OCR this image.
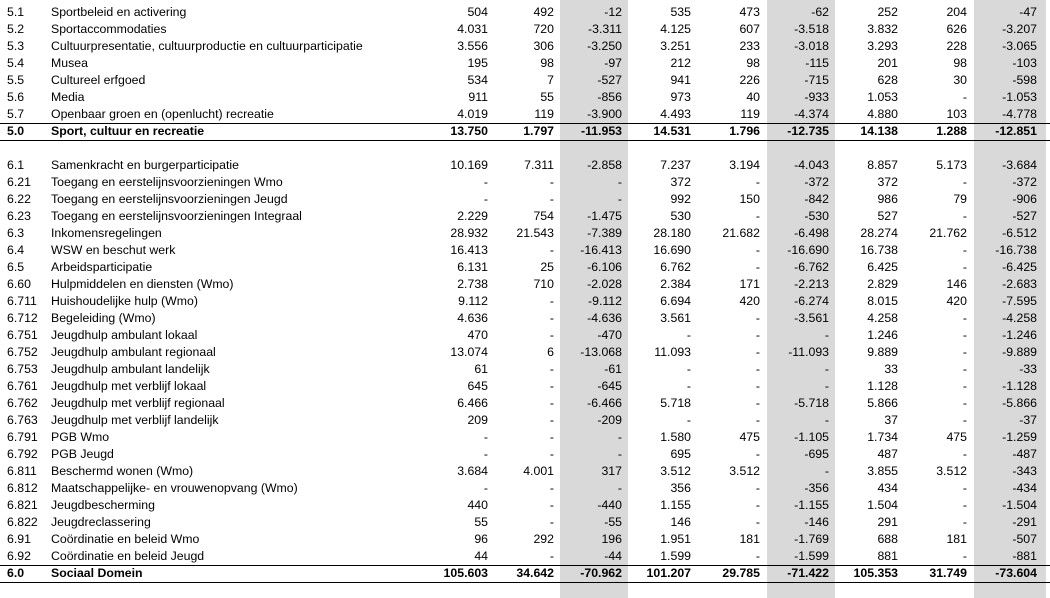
5.1 Sportbeleid en activering	504	492	-12	535	473	-62	252	204	-47
5.2 Sportaccommodaties	4.031	720	-3.311	4.125	607	-3.518	3.832	626	-3.207
5.3 Cultuurpresentatie, cultuurproductie en cultuurparticipatie	3.556	306	-3.250	3.251	233	-3.018	3.293	228	-3.065
5.4 Musea	195	98	-97	212	98	-115	201	98	-103
5.5 Cultureel erfgoed	534	7	-527	941	226	-715	628	30	-598
5.6 Media	911	55	-856	973	40	-933	1.053	-	-1.053
5.7 Openbaar groen en (openlucht) recreatie	4.019	119	-3.900	4.493	119	-4.374	4.880	103	-4.778
5.0 Sport, cultuur en recreatie	13.750	1.797 -11.953	14.531	1.796 -12.735	14.138	1.288 -12.851
6.1 Samenkracht en burgerparticipatie	10.169	7.311	-2.858	7.237	3.194	-4.043	8.857	5.173	-3.684
6.21 Toegang en eerstelijnsvoorzieningen Wmo	-	-	-	372	-	-372	372	-	-372
6.22 Toegang en eerstelijnsvoorzieningen Jeugd	-	-	-	992	150	-842	986	79	-906
6.23 Toegang en eerstelijnsvoorzieningen Integraal	2.229	754	-1.475	530	-	-530	527	-	-527
6.3 Inkomensregelingen	28.932 21.543	-7.389	28.180	21.682	-6.498	28.274	21.762	-6.512
6.4 WSW en beschut werk	16.413	- -16.413	16.690	- -16.690	16.738	- -16.738
6.5 Arbeidsparticipatie	6.131	25	-6.106	6.762	-	-6.762	6.425	-	-6.425
6.60 Hulpmiddelen en diensten (Wmo)	2.738	710	-2.028	2.384	171	-2.213	2.829	146	-2.683
6.711 Huishoudelijke hulp (Wmo)	9.112	-	-9.112	6.694	420	-6.274	8.015	420	-7.595
6.712 Begeleiding (Wmo)	4.636	-	-4.636	3.561	-	-3.561	4.258	-	-4.258
6.751 Jeugdhulp ambulant lokaal	470	-	-470	-	-	-	1.246	-	-1.246
6.752 Jeugdhulp ambulant regionaal	13.074	6 -13.068	11.093	- -11.093	9.889	-	-9.889
6.753 Jeugdhulp ambulant landelijk	61	-	-61	-	-	-	33	-	-33
6.761 Jeugdhulp met verblijf lokaal	645	-	-645	-	-	-	1.128	-	-1.128
6.762 Jeugdhulp met verblijf regionaal	6.466	-	-6.466	5.718	-	-5.718	5.866	-	-5.866
6.763 Jeugdhulp met verblijf landelijk	209	-	-209	-	-	-	37	-	-37
6.791 PGB Wmo	-	-	-	1.580	475	-1.105	1.734	475	-1.259
6.792 PGB Jeugd	-	-	-	695	-	-695	487	-	-487
6.811 Beschermd wonen (Wmo)	3.684	4.001	317	3.512	3.512	-	3.855	3.512	-343
6.812 Maatschappelijke- en vrouwenopvang (Wmo)	-	-	-	356	-	-356	434	-	-434
6.821 Jeugdbescherming	440	-	-440	1.155	-	-1.155	1.504	-	-1.504
6.822 Jeugdreclassering	55	-	-55	146	-	-146	291	-	-291
6.91 Coördinatie en beleid Wmo	96	292	196	1.951	181	-1.769	688	181	-507
6.92 Coördinatie en beleid Jeugd	44	-	-44	1.599	-	-1.599	881	-	-881
6.0 Sociaal Domein	105.603 34.642 -70.962 101.207	29.785 -71.422 105.353	31.749 -73.604
